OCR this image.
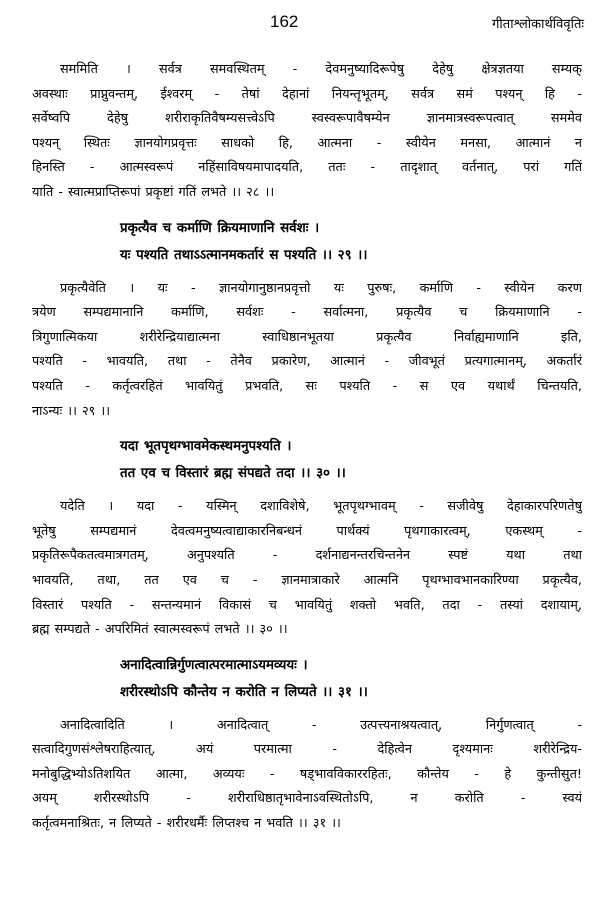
162	गीताश्लोकार्थविवृतिः
सममिति । सर्वत्र समवस्थितम् - देवमनुष्यादिरूपेषु देहेषु क्षेत्रज्ञतया सम्यक्
अवस्थाः प्राप्नुवन्तम्, ईश्वरम् - तेषां देहानां नियन्तृभूतम्, सर्वत्र समं पश्यन् हि -
सर्वेष्वपि देहेषु शरीराकृतिवैषम्यसत्त्वेऽपि स्वस्वरूपावैषम्येन ज्ञानमात्रस्वरूपत्वात् सममेव
पश्यन् स्थितः ज्ञानयोगप्रवृत्तः साधको हि, आत्मना - स्वीयेन मनसा, आत्मानं न
हिनस्ति - आत्मस्वरूपं नहिंसाविषयमापादयति, ततः - तादृशात् वर्तनात्, परां गतिं
याति - स्वात्मप्राप्तिरूपां प्रकृष्टां गतिं लभते ।। २८ ।।
प्रकृत्यैव च कर्माणि क्रियमाणानि सर्वशः ।
यः पश्यति तथाऽऽत्मानमकर्तारं स पश्यति ।। २९ ।।
प्रकृत्यैवेति । यः - ज्ञानयोगानुष्ठानप्रवृत्तो यः पुरुषः, कर्माणि - स्वीयेन करण
त्रयेण सम्पद्यमानानि कर्माणि, सर्वशः - सर्वात्मना, प्रकृत्यैव च क्रियमाणानि -
त्रिगुणात्मिकया शरीरेन्द्रियाद्यात्मना स्वाधिष्ठानभूतया प्रकृत्यैव निर्वाह्यमाणानि इति,
पश्यति - भावयति, तथा - तेनैव प्रकारेण, आत्मानं - जीवभूतं प्रत्यगात्मानम्, अकर्तारं
पश्यति - कर्तृत्वरहितं भावयितुं प्रभवति, सः पश्यति - स एव यथार्थं चिन्तयति,
नाऽन्यः ।। २९ ।।
यदा भूतपृथग्भावमेकस्थमनुपश्यति ।
तत एव च विस्तारं ब्रह्म संपद्यते तदा ।। ३० ।।
यदेति । यदा - यस्मिन् दशाविशेषे, भूतपृथग्भावम् - सजीवेषु देहाकारपरिणतेषु
भूतेषु सम्पद्यमानं देवत्वमनुष्यत्वाद्याकारनिबन्धनं पार्थक्यं पृथगाकारत्वम्, एकस्थम् -
प्रकृतिरूपैकतत्वमात्रगतम्, अनुपश्यति - दर्शनाद्यनन्तरचिन्तनेन स्पष्टं यथा तथा
भावयति, तथा, तत एव च - ज्ञानमात्राकारे आत्मनि पृथग्भावभानकारिण्या प्रकृत्यैव,
विस्तारं पश्यति - सन्तन्यमानं विकासं च भावयितुं शक्तो भवति, तदा - तस्यां दशायाम्,
ब्रह्म सम्पद्यते - अपरिमितं स्वात्मस्वरूपं लभते ।। ३० ।।
अनादित्वान्निर्गुणत्वात्परमात्माऽयमव्ययः ।
शरीरस्थोऽपि कौन्तेय न करोति न लिप्यते ।। ३१ ।।
अनादित्वादिति । अनादित्वात् - उत्पत्त्यनाश्रयत्वात्, निर्गुणत्वात् -
सत्वादिगुणसंश्लेषराहित्यात्, अयं परमात्मा - देहित्वेन दृश्यमानः शरीरेन्द्रिय-
मनोबुद्धिभ्योऽतिशयित आत्मा, अव्ययः - षड्भावविकाररहितः, कौन्तेय - हे कुन्तीसुत!
अयम् शरीरस्थोऽपि - शरीराधिष्ठातृभावेनाऽवस्थितोऽपि, न करोति - स्वयं
कर्तृत्वमनाश्रितः, न लिप्यते - शरीरधर्मैः लिप्तश्च न भवति ।। ३१ ।।
